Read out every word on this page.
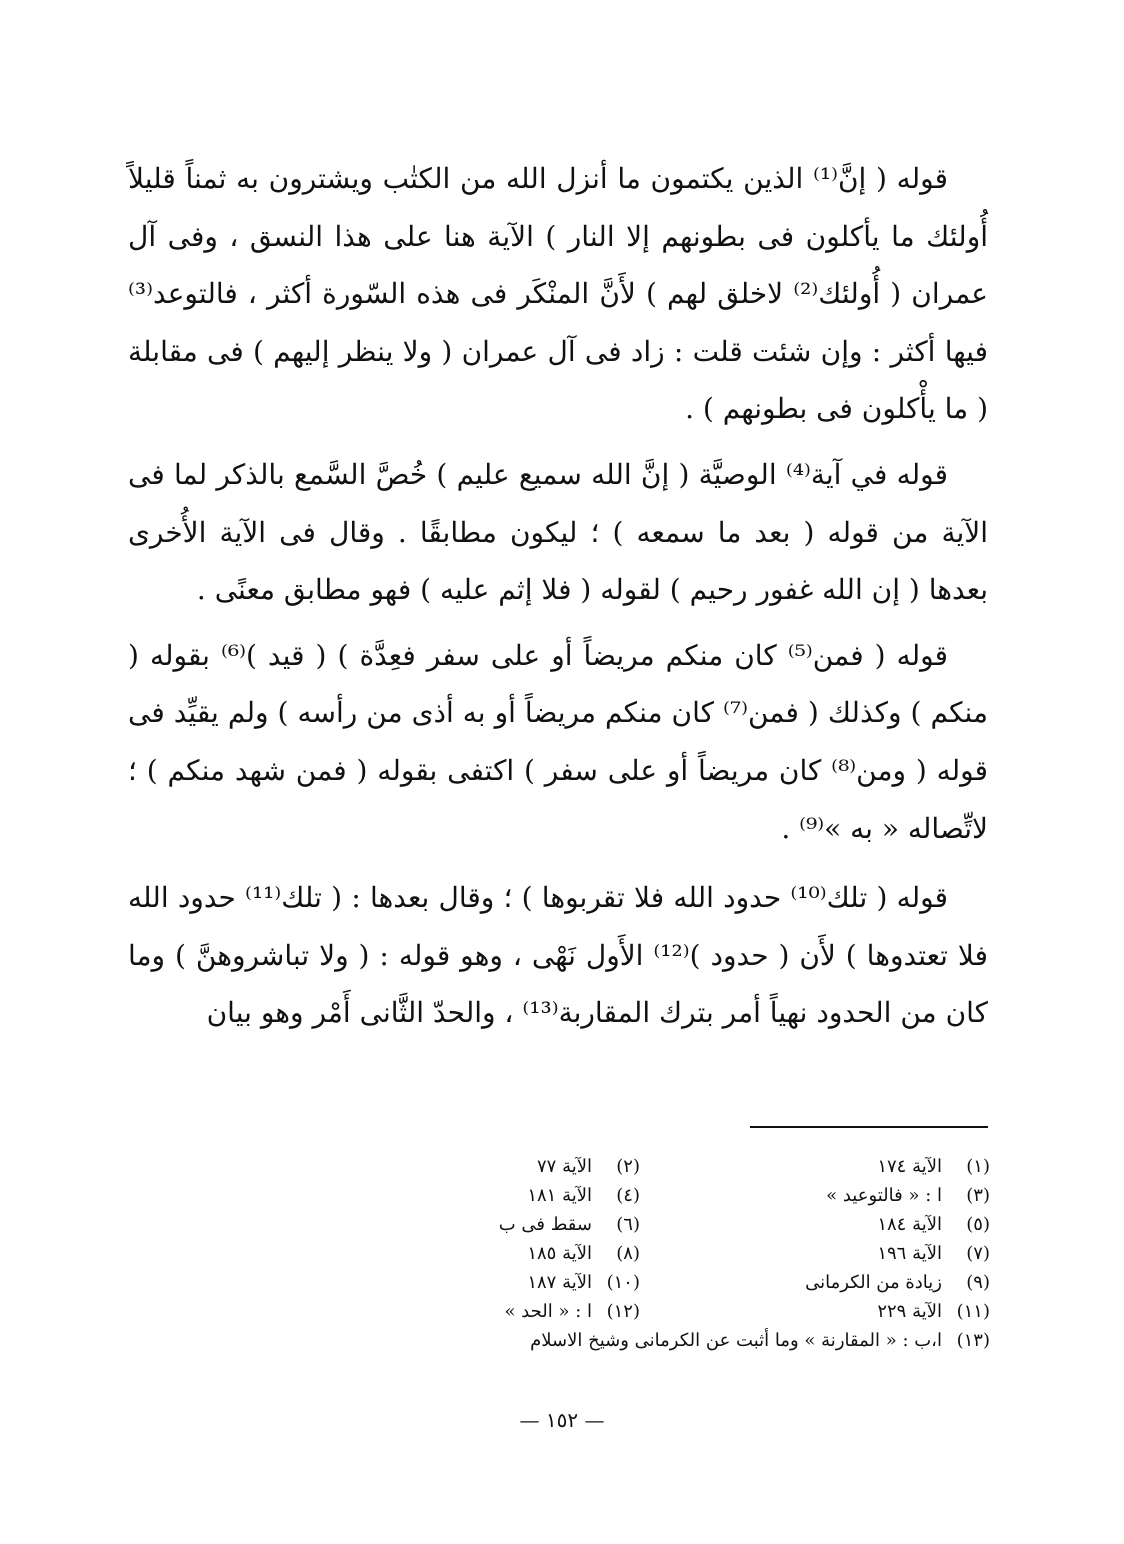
قوله ( إنَّ⁽¹⁾ الذين يكتمون ما أنزل الله من الكتٰب ويشترون به ثمناً قليلاً أُولئك ما يأكلون فى بطونهم إلا النار ) الآية هنا على هذا النسق ، وفى آل عمران ( أُولئك⁽²⁾ لاخلق لهم ) لأَنَّ المنْكَر فى هذه السّورة أكثر ، فالتوعد⁽³⁾ فيها أكثر : وإن شئت قلت : زاد فى آل عمران ( ولا ينظر إليهم ) فى مقابلة ( ما يأْكلون فى بطونهم ) .

قوله في آية⁽⁴⁾ الوصيَّة ( إنَّ الله سميع عليم ) خُصَّ السَّمع بالذكر لما فى الآية من قوله ( بعد ما سمعه ) ؛ ليكون مطابقًا . وقال فى الآية الأُخرى بعدها ( إن الله غفور رحيم ) لقوله ( فلا إثم عليه ) فهو مطابق معنًى .

قوله ( فمن⁽⁵⁾ كان منكم مريضاً أو على سفر فعِدَّة ) ( قيد )⁽⁶⁾ بقوله ( منكم ) وكذلك ( فمن⁽⁷⁾ كان منكم مريضاً أو به أذى من رأسه ) ولم يقيِّد فى قوله ( ومن⁽⁸⁾ كان مريضاً أو على سفر ) اكتفى بقوله ( فمن شهد منكم ) ؛ لاتِّصاله « به »⁽⁹⁾ .

قوله ( تلك⁽¹⁰⁾ حدود الله فلا تقربوها ) ؛ وقال بعدها : ( تلك⁽¹¹⁾ حدود الله فلا تعتدوها ) لأَن ( حدود )⁽¹²⁾ الأَول نَهْى ، وهو قوله : ( ولا تباشروهنَّ ) وما كان من الحدود نهياً أمر بترك المقاربة⁽¹³⁾ ، والحدّ الثَّانى أَمْر وهو بيان

(١)
الآية ١٧٤
(٢)
الآية ٧٧
(٣)
ا : « فالتوعيد »
(٤)
الآية ١٨١
(٥)
الآية ١٨٤
(٦)
سقط فى ب
(٧)
الآية ١٩٦
(٨)
الآية ١٨٥
(٩)
زيادة من الكرمانى
(١٠)
الآية ١٨٧
(١١)
الآية ٢٢٩
(١٢)
ا : « الحد »
(١٣)
ا،ب : « المقارنة » وما أثبت عن الكرمانى وشيخ الاسلام
— ١٥٢ —
